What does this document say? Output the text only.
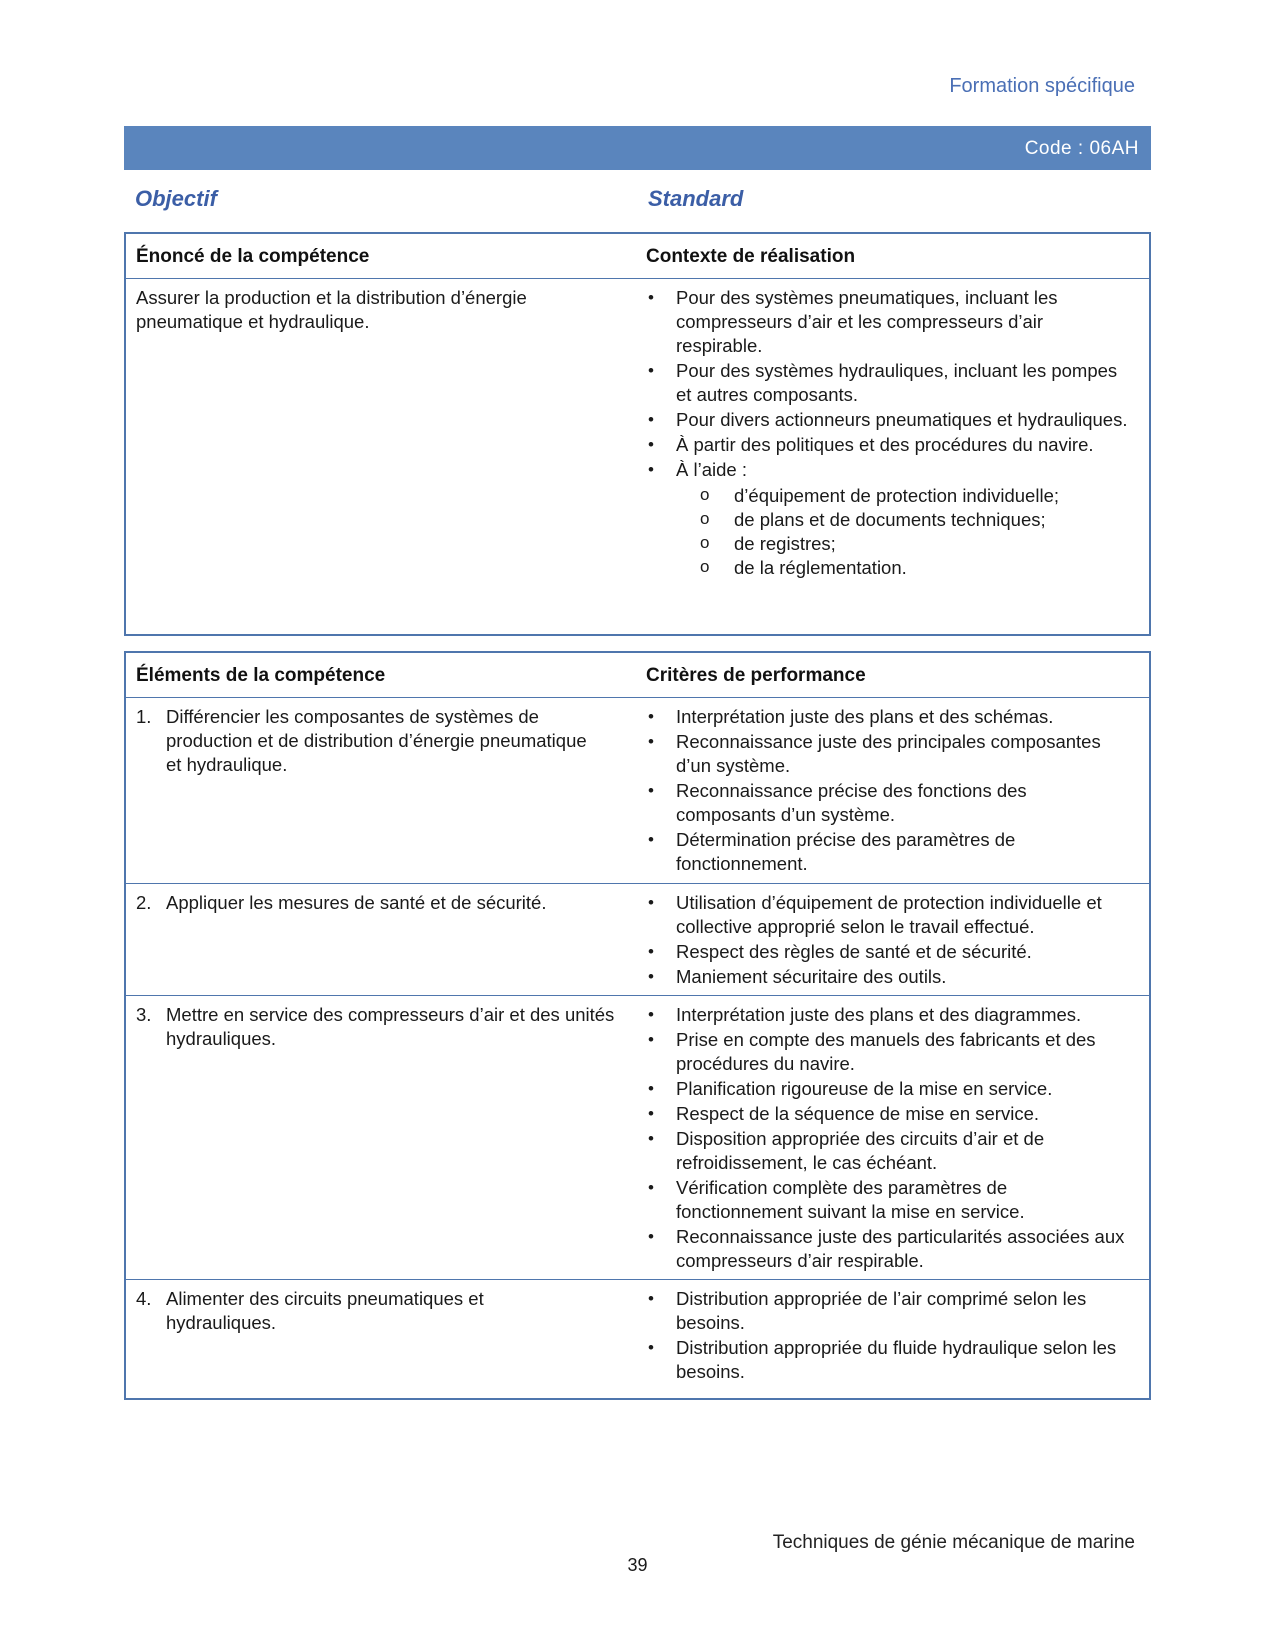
Formation spécifique
Code : 06AH
Objectif	Standard
Énoncé de la compétence	Contexte de réalisation
Assurer la production et la distribution d’énergie pneumatique et hydraulique.
• Pour des systèmes pneumatiques, incluant les compresseurs d’air et les compresseurs d’air respirable.
• Pour des systèmes hydrauliques, incluant les pompes et autres composants.
• Pour divers actionneurs pneumatiques et hydrauliques.
• À partir des politiques et des procédures du navire.
• À l’aide :
o d’équipement de protection individuelle;
o de plans et de documents techniques;
o de registres;
o de la réglementation.
Éléments de la compétence	Critères de performance
1. Différencier les composantes de systèmes de production et de distribution d’énergie pneumatique et hydraulique.
• Interprétation juste des plans et des schémas.
• Reconnaissance juste des principales composantes d’un système.
• Reconnaissance précise des fonctions des composants d’un système.
• Détermination précise des paramètres de fonctionnement.
2. Appliquer les mesures de santé et de sécurité.
•	Utilisation d’équipement de protection individuelle et collective approprié selon le travail effectué.
• Respect des règles de santé et de sécurité.
• Maniement sécuritaire des outils.
3. Mettre en service des compresseurs d’air et des unités hydrauliques.
• Interprétation juste des plans et des diagrammes.
• Prise en compte des manuels des fabricants et des procédures du navire.
• Planification rigoureuse de la mise en service.
• Respect de la séquence de mise en service.
• Disposition appropriée des circuits d’air et de refroidissement, le cas échéant.
• Vérification complète des paramètres de fonctionnement suivant la mise en service.
• Reconnaissance juste des particularités associées aux compresseurs d’air respirable.
4. Alimenter des circuits pneumatiques et hydrauliques.
• Distribution appropriée de l’air comprimé selon les besoins.
• Distribution appropriée du fluide hydraulique selon les besoins.
Techniques de génie mécanique de marine
39
